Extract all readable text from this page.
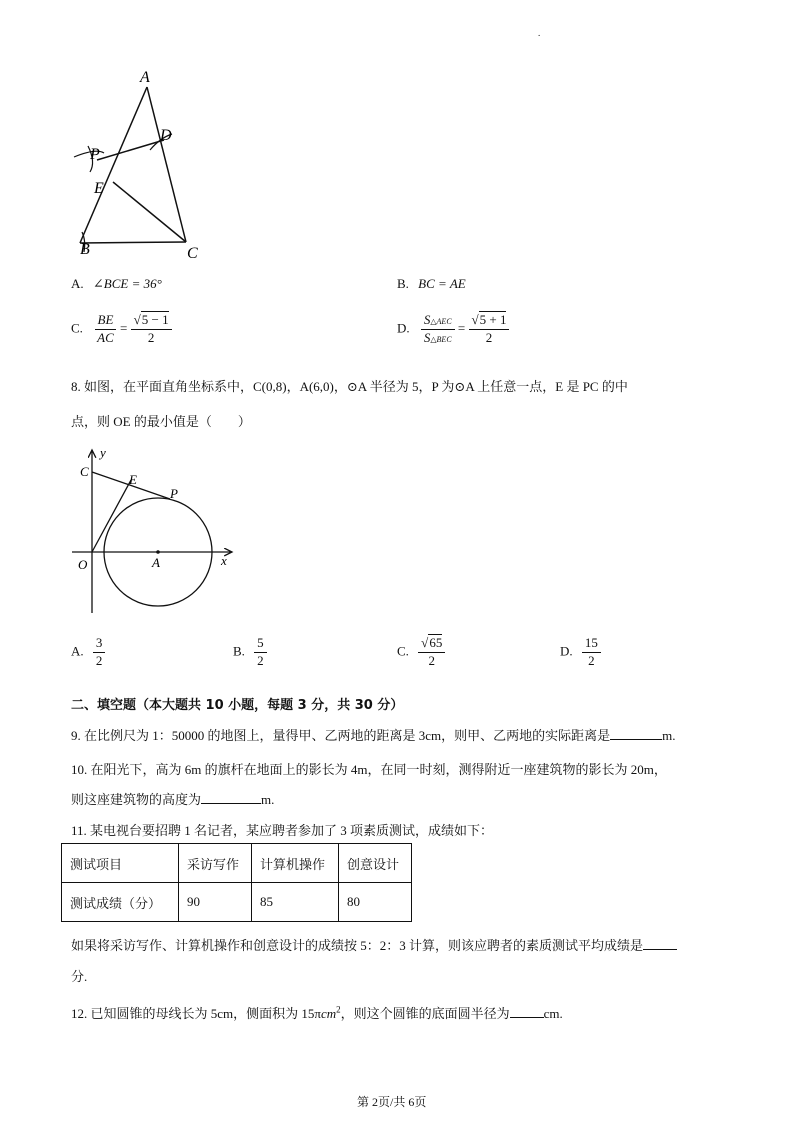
.
A
D
P
E
B	C
A. ∠BCE = 36°	B. BC = AE
C. $\frac{BE}{AC} = \frac{√5 - 1}{2}$	D. $\frac{\text{S△AEC}}{\text{S△BEC}} = \frac{√5 + 1}{2}$
8. 如图，在平面直角坐标系中，C(0,8)，A(6,0)，⊙A 半径为 5，P 为⊙A 上任意一点，E 是 PC 的中
点，则 OE 的最小值是（　　）
y
x
C
E
P
O	A
A. $\frac{3}{2}$	B. $\frac{5}{2}$	C. $\frac{√65}{2}$	D. $\frac{15}{2}$
二、填空题（本大题共 10 小题，每题 3 分，共 30 分）
9. 在比例尺为 1：50000 的地图上，量得甲、乙两地的距离是 3cm，则甲、乙两地的实际距离是	m.
10. 在阳光下，高为 6m 的旗杆在地面上的影长为 4m，在同一时刻，测得附近一座建筑物的影长为 20m，
则这座建筑物的高度为	m.
11. 某电视台要招聘 1 名记者，某应聘者参加了 3 项素质测试，成绩如下：
测试项目	采访写作	计算机操作	创意设计
测试成绩（分）	90	85	80
如果将采访写作、计算机操作和创意设计的成绩按 5：2：3 计算，则该应聘者的素质测试平均成绩是
分.
12. 已知圆锥的母线长为 5cm，侧面积为 15πcm$^2$，则这个圆锥的底面圆半径为	cm.
第 2页/共 6页
